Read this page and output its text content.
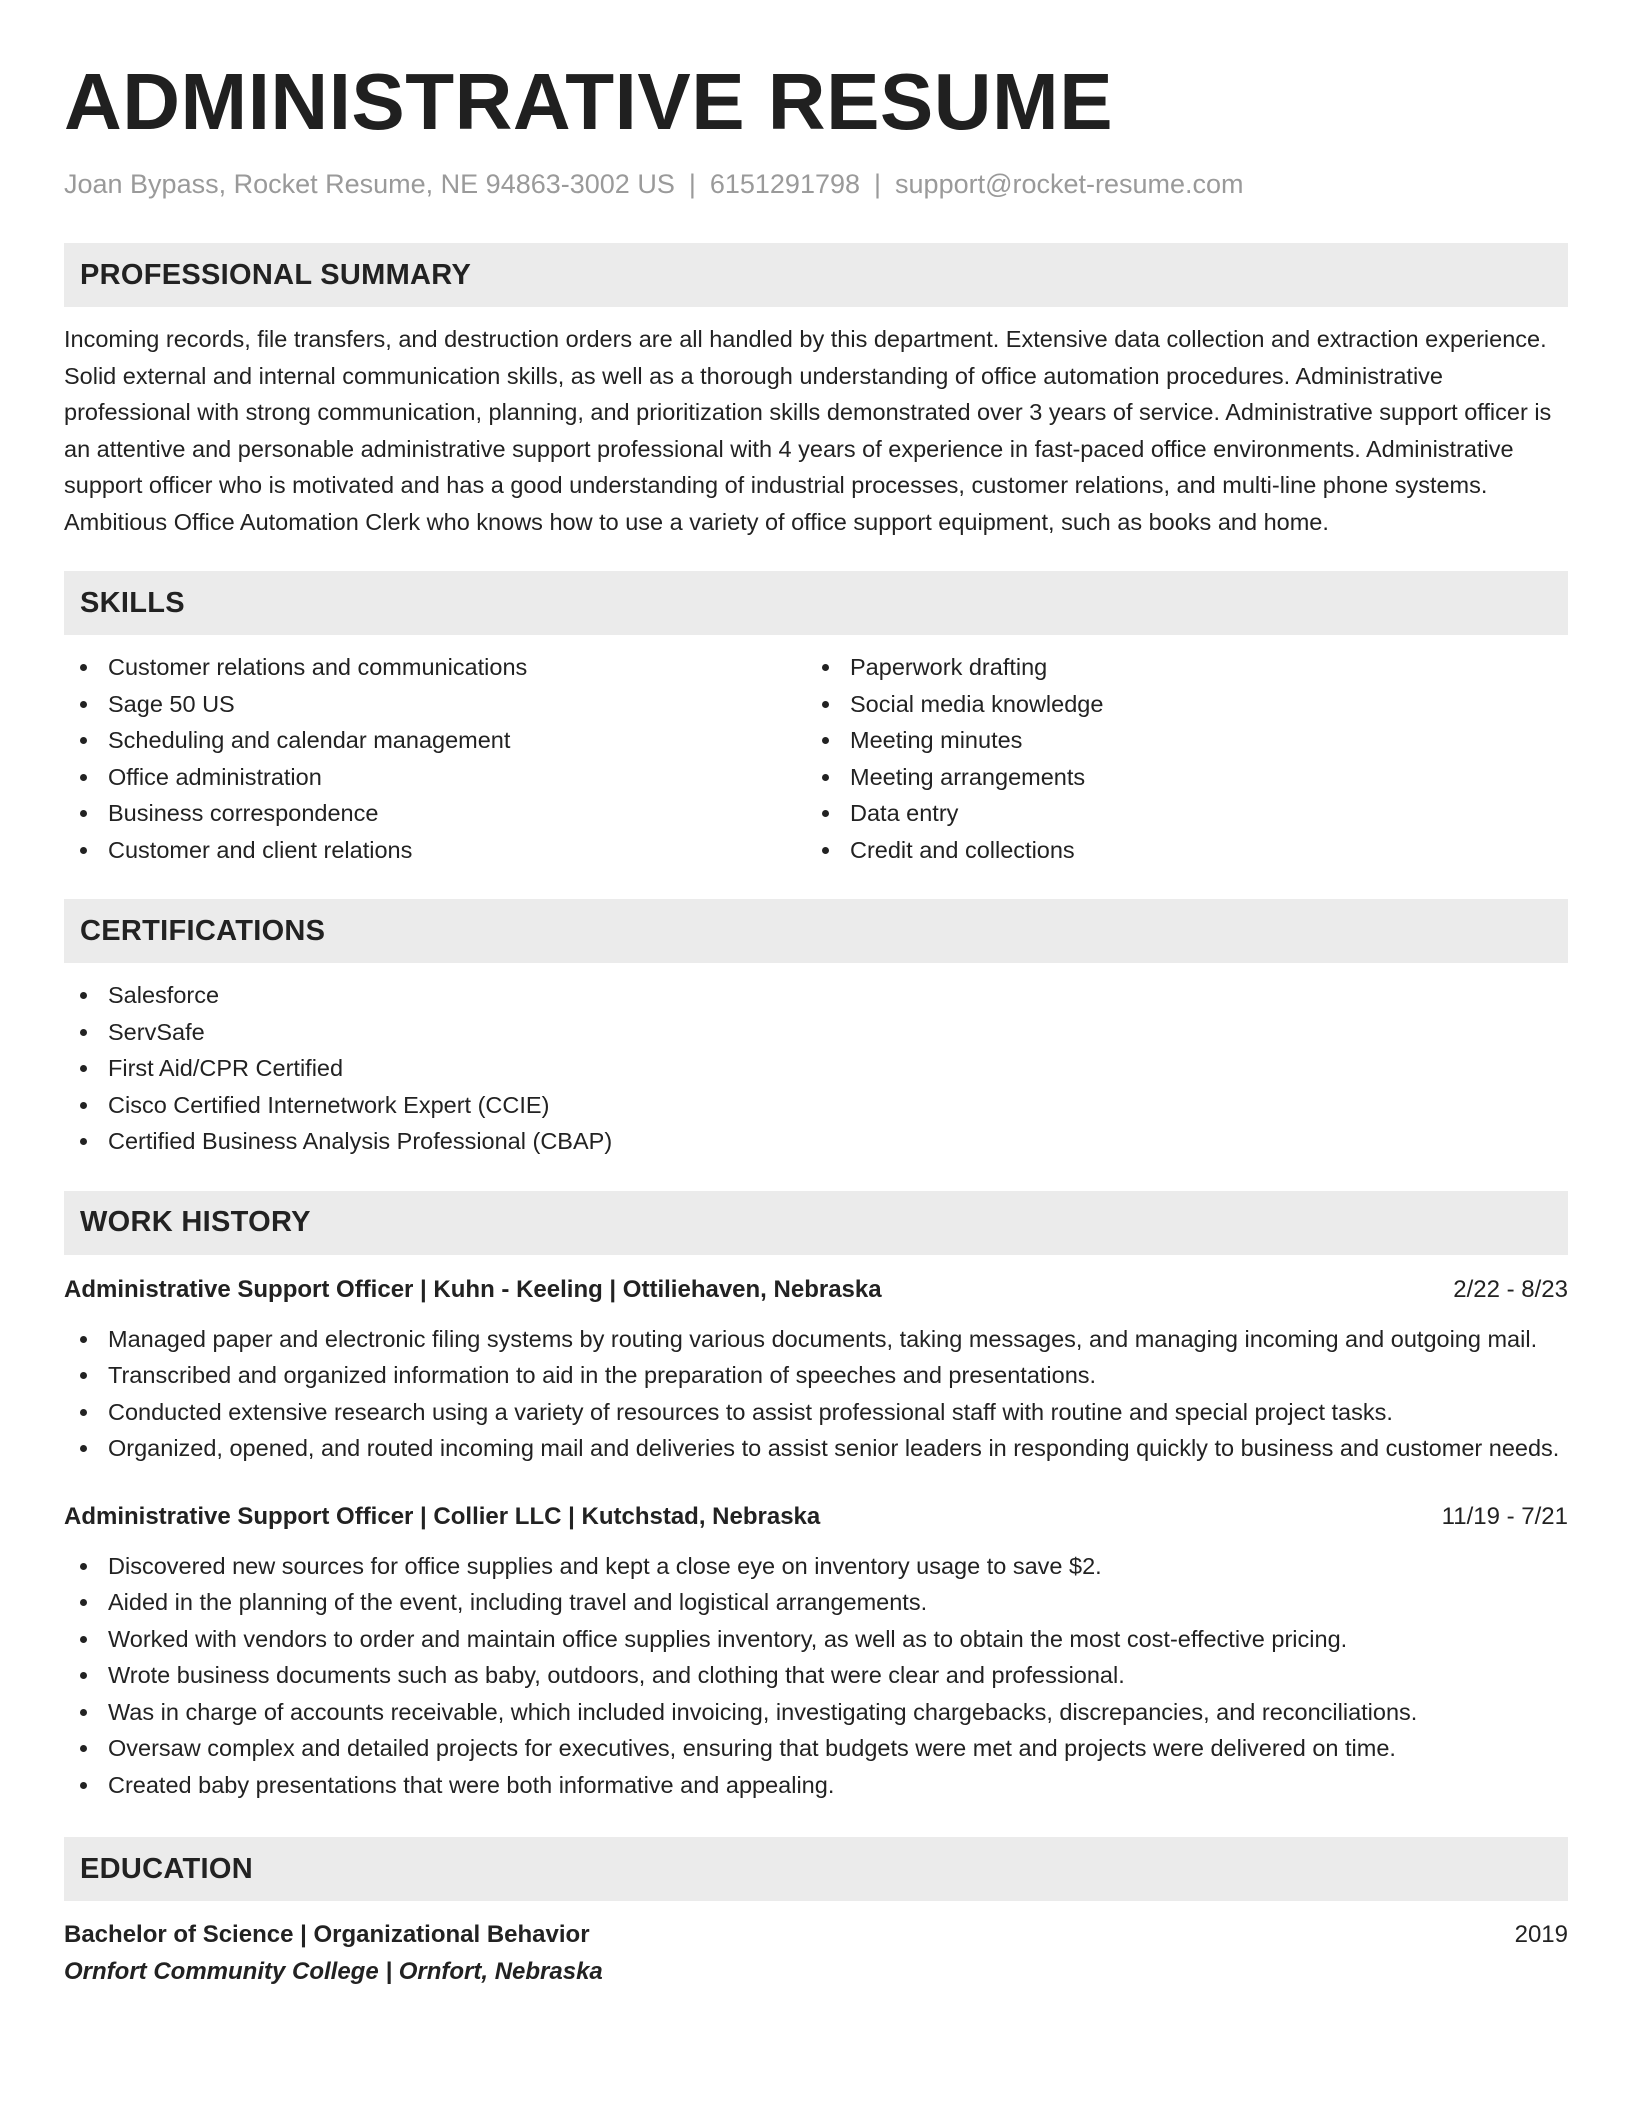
ADMINISTRATIVE RESUME
Joan Bypass, Rocket Resume, NE 94863-3002 US | 6151291798 | support@rocket-resume.com
PROFESSIONAL SUMMARY
Incoming records, file transfers, and destruction orders are all handled by this department. Extensive data collection and extraction experience. Solid external and internal communication skills, as well as a thorough understanding of office automation procedures. Administrative professional with strong communication, planning, and prioritization skills demonstrated over 3 years of service. Administrative support officer is an attentive and personable administrative support professional with 4 years of experience in fast-paced office environments. Administrative support officer who is motivated and has a good understanding of industrial processes, customer relations, and multi-line phone systems. Ambitious Office Automation Clerk who knows how to use a variety of office support equipment, such as books and home.
SKILLS
Customer relations and communications
Sage 50 US
Scheduling and calendar management
Office administration
Business correspondence
Customer and client relations
Paperwork drafting
Social media knowledge
Meeting minutes
Meeting arrangements
Data entry
Credit and collections
CERTIFICATIONS
Salesforce
ServSafe
First Aid/CPR Certified
Cisco Certified Internetwork Expert (CCIE)
Certified Business Analysis Professional (CBAP)
WORK HISTORY
Administrative Support Officer | Kuhn - Keeling | Ottiliehaven, Nebraska	2/22 - 8/23
Managed paper and electronic filing systems by routing various documents, taking messages, and managing incoming and outgoing mail.
Transcribed and organized information to aid in the preparation of speeches and presentations.
Conducted extensive research using a variety of resources to assist professional staff with routine and special project tasks.
Organized, opened, and routed incoming mail and deliveries to assist senior leaders in responding quickly to business and customer needs.
Administrative Support Officer | Collier LLC | Kutchstad, Nebraska	11/19 - 7/21
Discovered new sources for office supplies and kept a close eye on inventory usage to save $2.
Aided in the planning of the event, including travel and logistical arrangements.
Worked with vendors to order and maintain office supplies inventory, as well as to obtain the most cost-effective pricing.
Wrote business documents such as baby, outdoors, and clothing that were clear and professional.
Was in charge of accounts receivable, which included invoicing, investigating chargebacks, discrepancies, and reconciliations.
Oversaw complex and detailed projects for executives, ensuring that budgets were met and projects were delivered on time.
Created baby presentations that were both informative and appealing.
EDUCATION
Bachelor of Science | Organizational Behavior	2019
Ornfort Community College | Ornfort, Nebraska
